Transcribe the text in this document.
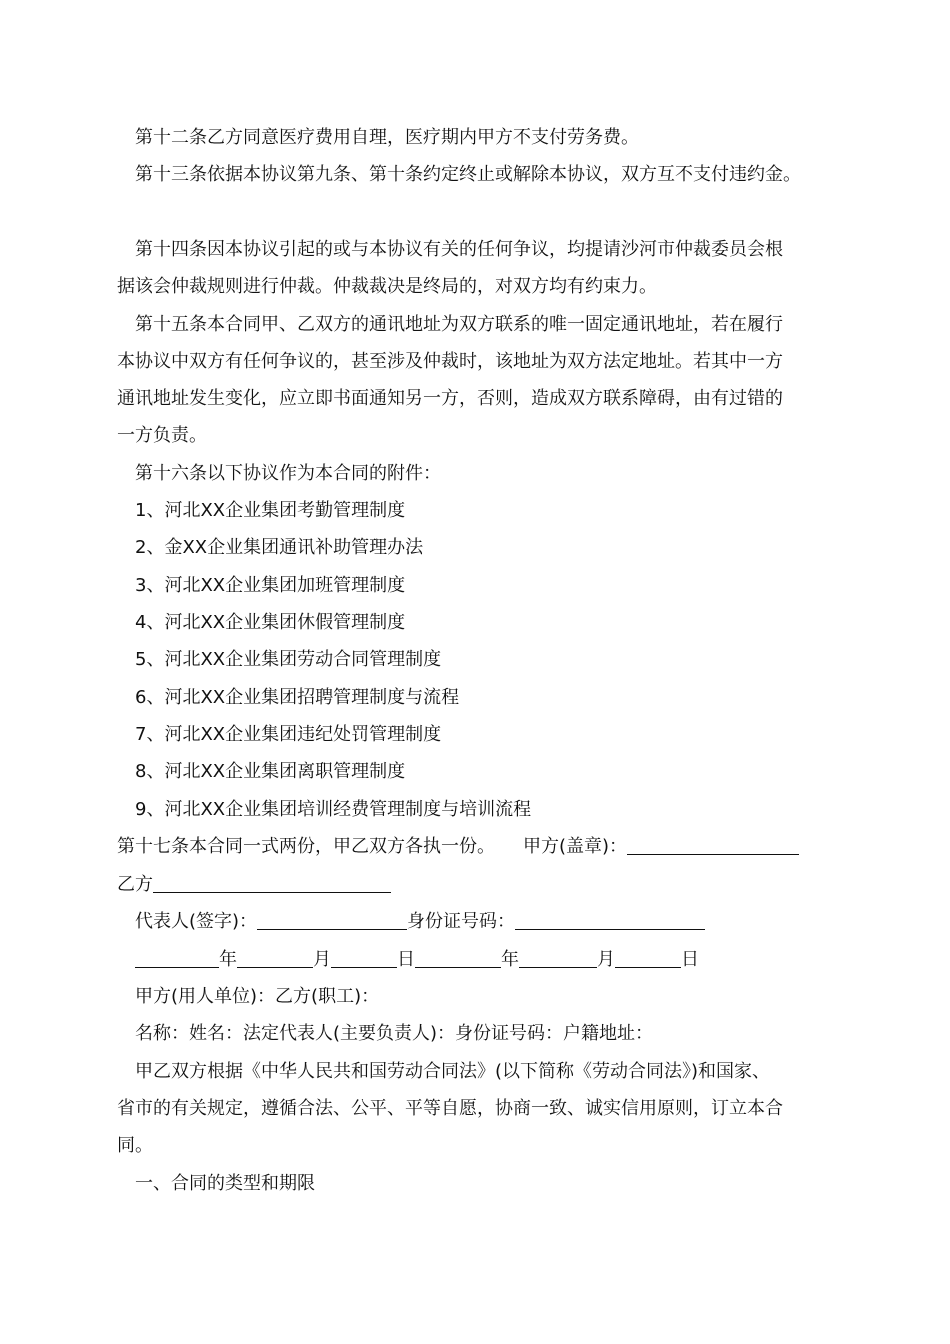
第十二条乙方同意医疗费用自理，医疗期内甲方不支付劳务费。
第十三条依据本协议第九条、第十条约定终止或解除本协议，双方互不支付违约金。
第十四条因本协议引起的或与本协议有关的任何争议，均提请沙河市仲裁委员会根
据该会仲裁规则进行仲裁。仲裁裁决是终局的，对双方均有约束力。
第十五条本合同甲、乙双方的通讯地址为双方联系的唯一固定通讯地址，若在履行
本协议中双方有任何争议的，甚至涉及仲裁时，该地址为双方法定地址。若其中一方
通讯地址发生变化，应立即书面通知另一方，否则，造成双方联系障碍，由有过错的
一方负责。
第十六条以下协议作为本合同的附件：
1、河北XX企业集团考勤管理制度
2、金XX企业集团通讯补助管理办法
3、河北XX企业集团加班管理制度
4、河北XX企业集团休假管理制度
5、河北XX企业集团劳动合同管理制度
6、河北XX企业集团招聘管理制度与流程
7、河北XX企业集团违纪处罚管理制度
8、河北XX企业集团离职管理制度
9、河北XX企业集团培训经费管理制度与培训流程
第十七条本合同一式两份，甲乙双方各执一份。 甲方(盖章)：
乙方
代表人(签字)：	身份证号码：
年	月	日	年	月	日
甲方(用人单位)：乙方(职工)：
名称：姓名：法定代表人(主要负责人)：身份证号码：户籍地址：
甲乙双方根据《中华人民共和国劳动合同法》(以下简称《劳动合同法》)和国家、
省市的有关规定，遵循合法、公平、平等自愿，协商一致、诚实信用原则，订立本合
同。
一、合同的类型和期限
